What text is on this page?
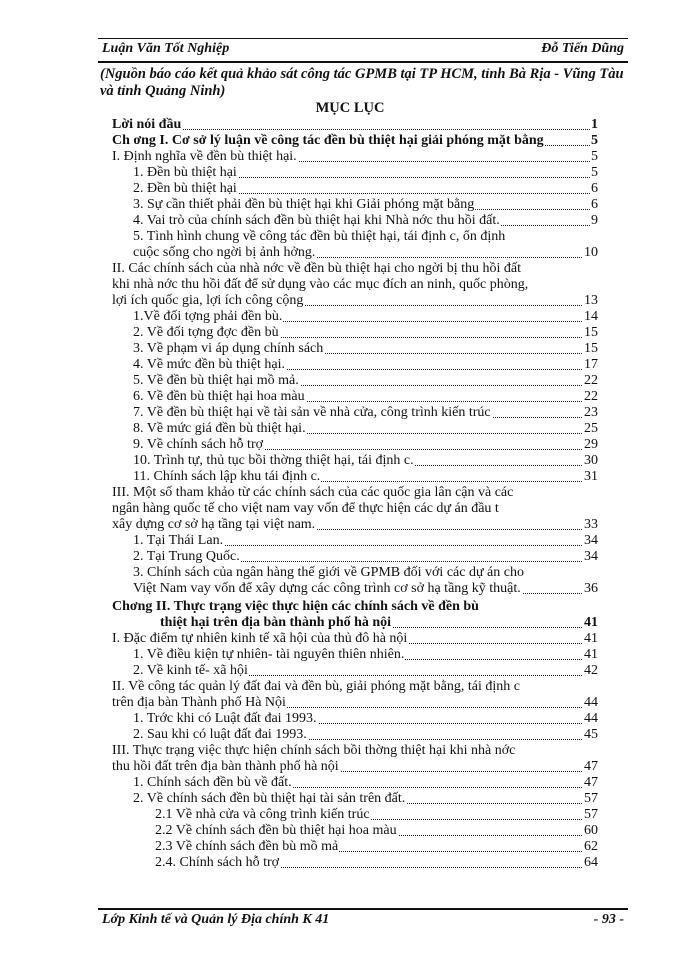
Luận Văn Tốt Nghiệp	Đỗ Tiến Dũng
(Nguồn báo cáo kết quả khảo sát công tác GPMB tại TP HCM, tỉnh Bà Rịa - Vũng Tàu và tỉnh Quảng Ninh)
MỤC LỤC
Lời nói đầu	1
Ch ơng I. Cơ sở lý luận về công tác đền bù thiệt hại giải phóng mặt bằng	5
I. Định nghĩa về đền bù thiệt hại.	5
1. Đền bù thiệt hại	5
2. Đền bù thiệt hại	6
3. Sự cần thiết phải đền bù thiệt hại khi Giải phóng mặt bằng	6
4. Vai trò của chính sách đền bù thiệt hại khi Nhà nớc thu hồi đất.	9
5. Tình hình chung về công tác đền bù thiệt hại, tái định c, ổn định
cuộc sống cho ngời bị ảnh hởng.	10
II. Các chính sách của nhà nớc về đền bù thiệt hại cho ngời bị thu hồi đất
khi nhà nớc thu hồi đất để sử dụng vào các mục đích an ninh, quốc phòng,
lợi ích quốc gia, lợi ích công cộng	13
1.Về đối tợng phải đền bù.	14
2. Về đối tợng đợc đền bù	15
3. Về phạm vi áp dụng chính sách	15
4. Về mức đền bù thiệt hại.	17
5. Về đền bù thiệt hại mồ mả.	22
6. Về đền bù thiệt hại hoa màu	22
7. Về đền bù thiệt hại về tài sản về nhà cửa, công trình kiến trúc	23
8. Về mức giá đền bù thiệt hại.	25
9. Về chính sách hỗ trợ	29
10. Trình tự, thủ tục bồi thờng thiệt hại, tái định c.	30
11. Chính sách lập khu tái định c.	31
III. Một số tham khảo từ các chính sách của các quốc gia lân cận và các
ngân hàng quốc tế cho việt nam vay vốn để thực hiện các dự án đầu t
xây dựng cơ sở hạ tầng tại việt nam.	33
1. Tại Thái Lan.	34
2. Tại Trung Quốc.	34
3. Chính sách của ngân hàng thế giới về GPMB đối với các dự án cho
Việt Nam vay vốn để xây dựng các công trình cơ sở hạ tầng kỹ thuật.	36
Chơng II. Thực trạng việc thực hiện các chính sách về đền bù
thiệt hại trên địa bàn thành phố hà nội	41
I. Đặc điểm tự nhiên kinh tế xã hội của thủ đô hà nội	41
1. Về điều kiện tự nhiên- tài nguyên thiên nhiên.	41
2. Về kinh tế- xã hội	42
II. Về công tác quản lý đất đai và đền bù, giải phóng mặt bằng, tái định c
trên địa bàn Thành phố Hà Nội	44
1. Trớc khi có Luật đất đai 1993.	44
2. Sau khi có luật đất đai 1993.	45
III. Thực trạng việc thực hiện chính sách bồi thờng thiệt hại khi nhà nớc
thu hồi đất trên địa bàn thành phố hà nội	47
1. Chính sách đền bù về đất.	47
2. Về chính sách đền bù thiệt hại tài sản trên đất.	57
2.1 Về nhà cửa và công trình kiến trúc	57
2.2 Về chính sách đền bù thiệt hại hoa màu	60
2.3 Về chính sách đền bù mồ mả	62
2.4. Chính sách hỗ trợ	64
Lớp Kinh tế và Quản lý Địa chính K 41	- 93 -
